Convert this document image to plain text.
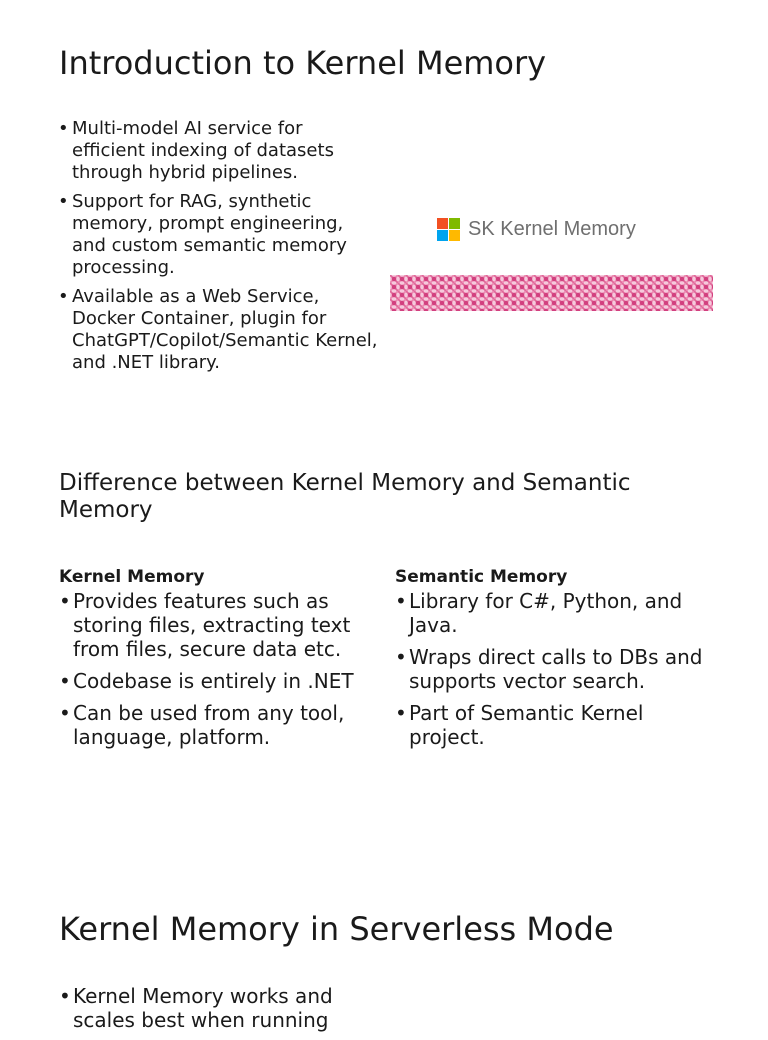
Introduction to Kernel Memory
• Multi-model AI service for efficient indexing of datasets through hybrid pipelines.
• Support for RAG, synthetic memory, prompt engineering, and custom semantic memory processing.
• Available as a Web Service, Docker Container, plugin for ChatGPT/Copilot/Semantic Kernel, and .NET library.
SK Kernel Memory
Difference between Kernel Memory and Semantic Memory
Kernel Memory
• Provides features such as storing files, extracting text from files, secure data etc.
• Codebase is entirely in .NET
• Can be used from any tool, language, platform.
Semantic Memory
• Library for C#, Python, and Java.
• Wraps direct calls to DBs and supports vector search.
• Part of Semantic Kernel project.
Kernel Memory in Serverless Mode
• Kernel Memory works and scales best when running
